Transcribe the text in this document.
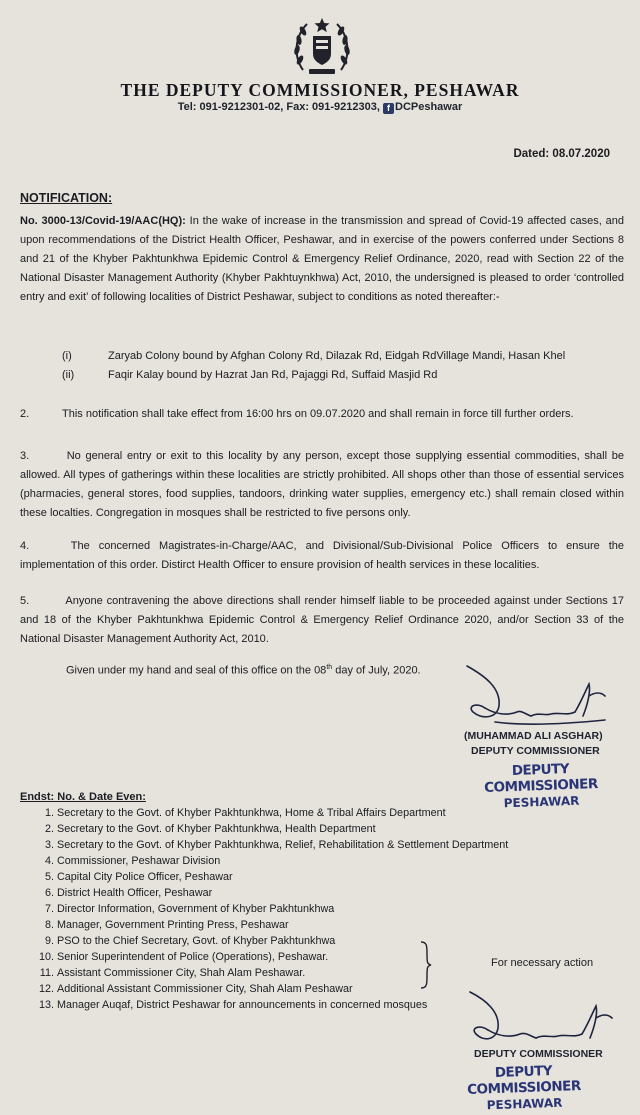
THE DEPUTY COMMISSIONER, PESHAWAR
Tel: 091-9212301-02, Fax: 091-9212303, f DCPeshawar
Dated: 08.07.2020
NOTIFICATION:
No. 3000-13/Covid-19/AAC(HQ): In the wake of increase in the transmission and spread of Covid-19 affected cases, and upon recommendations of the District Health Officer, Peshawar, and in exercise of the powers conferred under Sections 8 and 21 of the Khyber Pakhtunkhwa Epidemic Control & Emergency Relief Ordinance, 2020, read with Section 22 of the National Disaster Management Authority (Khyber Pakhtuynkhwa) Act, 2010, the undersigned is pleased to order ‘controlled entry and exit’ of following localities of District Peshawar, subject to conditions as noted thereafter:-
(i)	Zaryab Colony bound by Afghan Colony Rd, Dilazak Rd, Eidgah RdVillage Mandi, Hasan Khel
(ii)	Faqir Kalay bound by Hazrat Jan Rd, Pajaggi Rd, Suffaid Masjid Rd
2.	This notification shall take effect from 16:00 hrs on 09.07.2020 and shall remain in force till further orders.
3.	No general entry or exit to this locality by any person, except those supplying essential commodities, shall be allowed. All types of gatherings within these localities are strictly prohibited. All shops other than those of essential services (pharmacies, general stores, food supplies, tandoors, drinking water supplies, emergency etc.) shall remain closed within these localties. Congregation in mosques shall be restricted to five persons only.
4.	The concerned Magistrates-in-Charge/AAC, and Divisional/Sub-Divisional Police Officers to ensure the implementation of this order. Distirct Health Officer to ensure provision of health services in these localities.
5.	Anyone contravening the above directions shall render himself liable to be proceeded against under Sections 17 and 18 of the Khyber Pakhtunkhwa Epidemic Control & Emergency Relief Ordinance 2020, and/or Section 33 of the National Disaster Management Authority Act, 2010.
Given under my hand and seal of this office on the 08th day of July, 2020.
(MUHAMMAD ALI ASGHAR)
DEPUTY COMMISSIONER
DEPUTY COMMISSIONER
PESHAWAR
Endst: No. & Date Even:
1. Secretary to the Govt. of Khyber Pakhtunkhwa, Home & Tribal Affairs Department
2. Secretary to the Govt. of Khyber Pakhtunkhwa, Health Department
3. Secretary to the Govt. of Khyber Pakhtunkhwa, Relief, Rehabilitation & Settlement Department
4. Commissioner, Peshawar Division
5. Capital City Police Officer, Peshawar
6. District Health Officer, Peshawar
7. Director Information, Government of Khyber Pakhtunkhwa
8. Manager, Government Printing Press, Peshawar
9. PSO to the Chief Secretary, Govt. of Khyber Pakhtunkhwa
10. Senior Superintendent of Police (Operations), Peshawar.
11. Assistant Commissioner City, Shah Alam Peshawar.
12. Additional Assistant Commissioner City, Shah Alam Peshawar
13. Manager Auqaf, District Peshawar for announcements in concerned mosques
For necessary action
DEPUTY COMMISSIONER
DEPUTY COMMISSIONER
PESHAWAR
